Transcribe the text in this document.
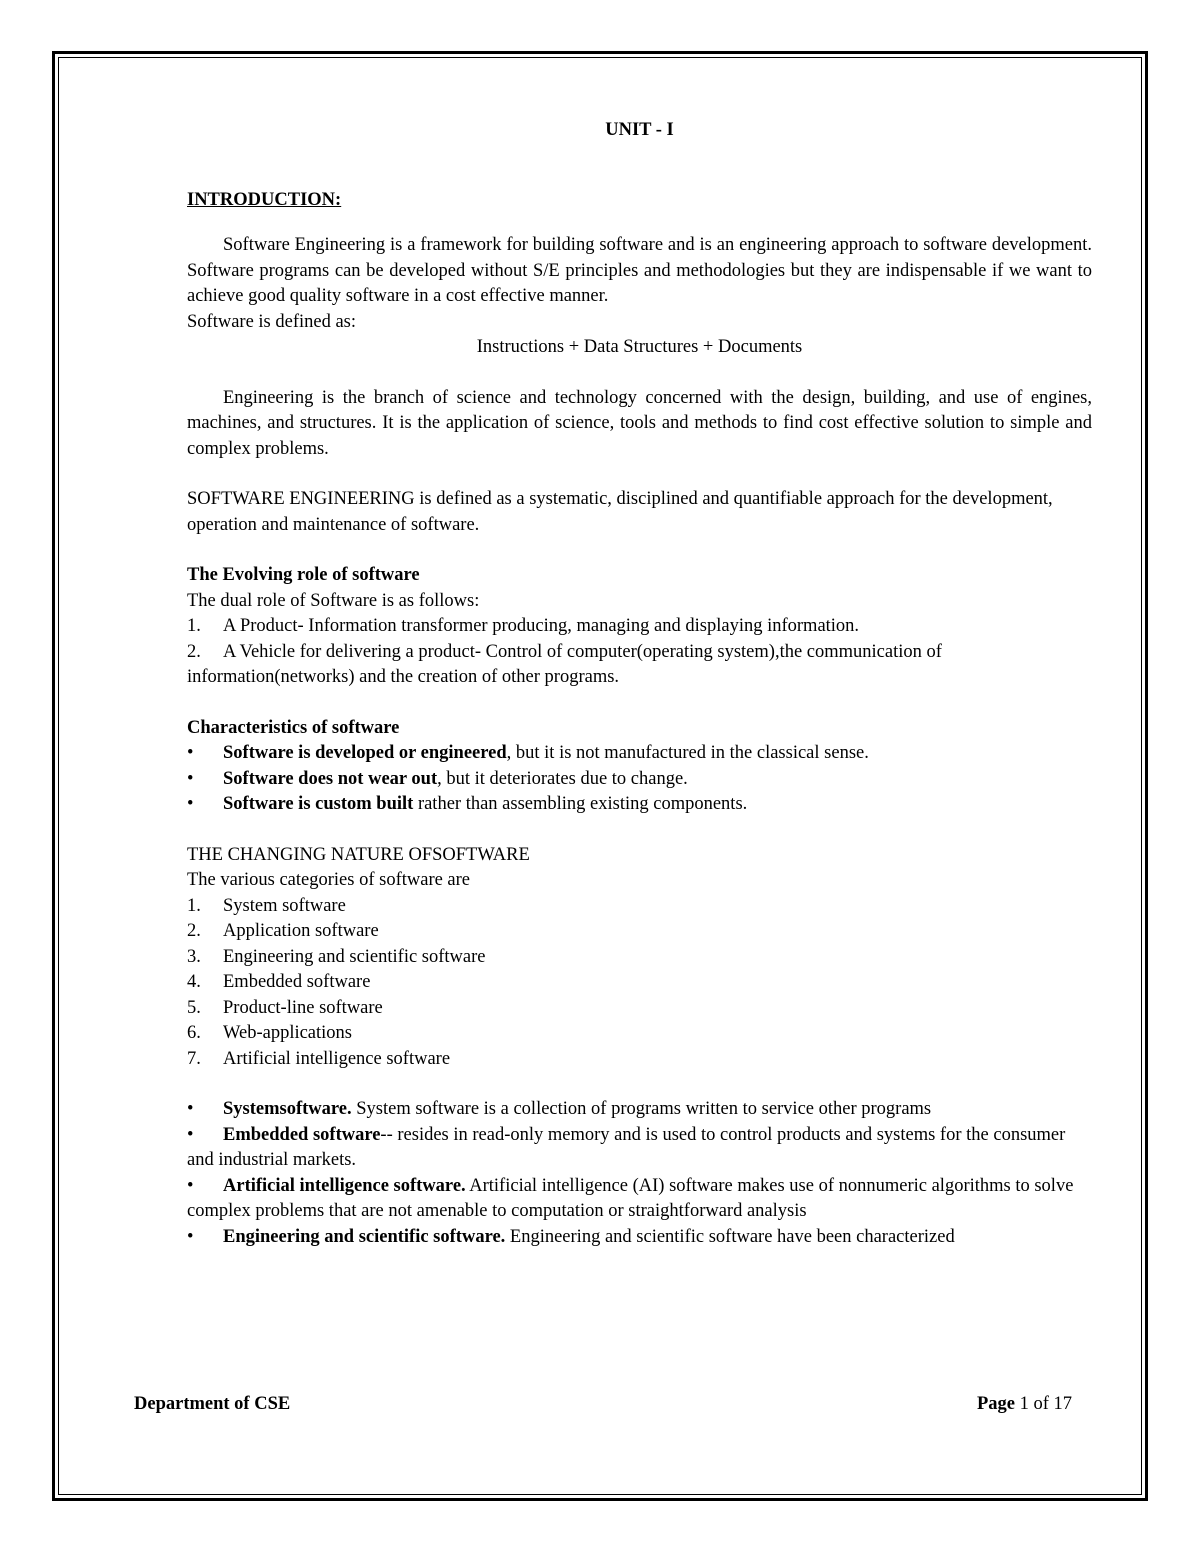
UNIT - I
INTRODUCTION:

Software Engineering is a framework for building software and is an engineering approach to software development. Software programs can be developed without S/E principles and methodologies but they are indispensable if we want to achieve good quality software in a cost effective manner.

Software is defined as:

Instructions + Data Structures + Documents

Engineering is the branch of science and technology concerned with the design, building, and use of engines, machines, and structures. It is the application of science, tools and methods to find cost effective solution to simple and complex problems.

SOFTWARE ENGINEERING is defined as a systematic, disciplined and quantifiable approach for the development, operation and maintenance of software.

The Evolving role of software

The dual role of Software is as follows:

1.	A Product- Information transformer producing, managing and displaying information.
2. A Vehicle for delivering a product- Control of computer(operating system),the communication of information(networks) and the creation of other programs.

Characteristics of software

•	Software is developed or engineered, but it is not manufactured in the classical sense.
•	Software does not wear out, but it deteriorates due to change.
•	Software is custom built rather than assembling existing components.

THE CHANGING NATURE OFSOFTWARE

The various categories of software are

1.	System software
2.	Application software
3.	Engineering and scientific software
4.	Embedded software
5.	Product-line software
6.	Web-applications
7.	Artificial intelligence software
• Systemsoftware. System software is a collection of programs written to service other programs
• Embedded software-- resides in read-only memory and is used to control products and systems for the consumer and industrial markets.
• Artificial intelligence software. Artificial intelligence (AI) software makes use of nonnumeric algorithms to solve complex problems that are not amenable to computation or straightforward analysis
• Engineering and scientific software. Engineering and scientific software have been characterized
Department of CSE	Page 1 of 17
